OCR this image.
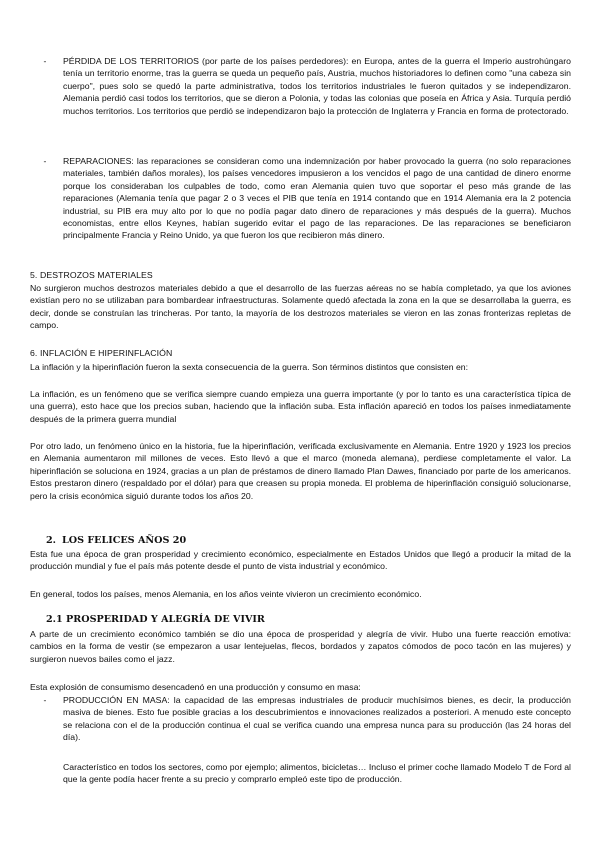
-	PÉRDIDA DE LOS TERRITORIOS (por parte de los países perdedores): en Europa, antes de la guerra el Imperio austrohúngaro tenía un territorio enorme, tras la guerra se queda un pequeño país, Austria, muchos historiadores lo definen como "una cabeza sin cuerpo", pues solo se quedó la parte administrativa, todos los territorios industriales le fueron quitados y se independizaron. Alemania perdió casi todos los territorios, que se dieron a Polonia, y todas las colonias que poseía en África y Asia. Turquía perdió muchos territorios. Los territorios que perdió se independizaron bajo la protección de Inglaterra y Francia en forma de protectorado.

-	REPARACIONES: las reparaciones se consideran como una indemnización por haber provocado la guerra (no solo reparaciones materiales, también daños morales), los países vencedores impusieron a los vencidos el pago de una cantidad de dinero enorme porque los consideraban los culpables de todo, como eran Alemania quien tuvo que soportar el peso más grande de las reparaciones (Alemania tenía que pagar 2 o 3 veces el PIB que tenía en 1914 contando que en 1914 Alemania era la 2 potencia industrial, su PIB era muy alto por lo que no podía pagar dato dinero de reparaciones y más después de la guerra). Muchos economistas, entre ellos Keynes, habían sugerido evitar el pago de las reparaciones. De las reparaciones se beneficiaron principalmente Francia y Reino Unido, ya que fueron los que recibieron más dinero.

5. DESTROZOS MATERIALES

No surgieron muchos destrozos materiales debido a que el desarrollo de las fuerzas aéreas no se había completado, ya que los aviones existían pero no se utilizaban para bombardear infraestructuras. Solamente quedó afectada la zona en la que se desarrollaba la guerra, es decir, donde se construían las trincheras. Por tanto, la mayoría de los destrozos materiales se vieron en las zonas fronterizas repletas de campo.

6. INFLACIÓN E HIPERINFLACIÓN

La inflación y la hiperinflación fueron la sexta consecuencia de la guerra. Son términos distintos que consisten en:

La inflación, es un fenómeno que se verifica siempre cuando empieza una guerra importante (y por lo tanto es una característica típica de una guerra), esto hace que los precios suban, haciendo que la inflación suba. Esta inflación apareció en todos los países inmediatamente después de la primera guerra mundial

Por otro lado, un fenómeno único en la historia, fue la hiperinflación, verificada exclusivamente en Alemania. Entre 1920 y 1923 los precios en Alemania aumentaron mil millones de veces. Esto llevó a que el marco (moneda alemana), perdiese completamente el valor. La hiperinflación se soluciona en 1924, gracias a un plan de préstamos de dinero llamado Plan Dawes, financiado por parte de los americanos. Estos prestaron dinero (respaldado por el dólar) para que creasen su propia moneda. El problema de hiperinflación consiguió solucionarse, pero la crisis económica siguió durante todos los años 20.

2. LOS FELICES AÑOS 20

Esta fue una época de gran prosperidad y crecimiento económico, especialmente en Estados Unidos que llegó a producir la mitad de la producción mundial y fue el país más potente desde el punto de vista industrial y económico.

En general, todos los países, menos Alemania, en los años veinte vivieron un crecimiento económico.

2.1 PROSPERIDAD Y ALEGRÍA DE VIVIR

A parte de un crecimiento económico también se dio una época de prosperidad y alegría de vivir. Hubo una fuerte reacción emotiva: cambios en la forma de vestir (se empezaron a usar lentejuelas, flecos, bordados y zapatos cómodos de poco tacón en las mujeres) y surgieron nuevos bailes como el jazz.

Esta explosión de consumismo desencadenó en una producción y consumo en masa:

-	PRODUCCIÓN EN MASA: la capacidad de las empresas industriales de producir muchísimos bienes, es decir, la producción masiva de bienes. Esto fue posible gracias a los descubrimientos e innovaciones realizados a posteriori. A menudo este concepto se relaciona con el de la producción continua el cual se verifica cuando una empresa nunca para su producción (las 24 horas del día).

Característico en todos los sectores, como por ejemplo; alimentos, bicicletas… Incluso el primer coche llamado Modelo T de Ford al que la gente podía hacer frente a su precio y comprarlo empleó este tipo de producción.
